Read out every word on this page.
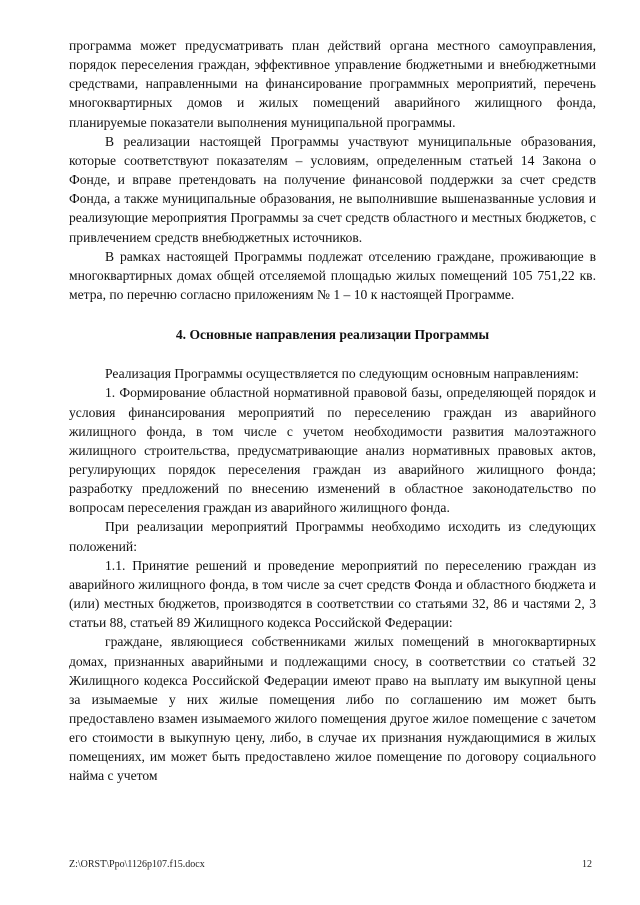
программа может предусматривать план действий органа местного самоуправления, порядок переселения граждан, эффективное управление бюджетными и внебюджетными средствами, направленными на финансирование программных мероприятий, перечень многоквартирных домов и жилых помещений аварийного жилищного фонда, планируемые показатели выполнения муниципальной программы.

В реализации настоящей Программы участвуют муниципальные образования, которые соответствуют показателям – условиям, определенным статьей 14 Закона о Фонде, и вправе претендовать на получение финансовой поддержки за счет средств Фонда, а также муниципальные образования, не выполнившие вышеназванные условия и реализующие мероприятия Программы за счет средств областного и местных бюджетов, с привлечением средств внебюджетных источников.

В рамках настоящей Программы подлежат отселению граждане, проживающие в многоквартирных домах общей отселяемой площадью жилых помещений 105 751,22 кв. метра, по перечню согласно приложениям № 1 – 10 к настоящей Программе.

4. Основные направления реализации Программы

Реализация Программы осуществляется по следующим основным направлениям:

1. Формирование областной нормативной правовой базы, определяющей порядок и условия финансирования мероприятий по переселению граждан из аварийного жилищного фонда, в том числе с учетом необходимости развития малоэтажного жилищного строительства, предусматривающие анализ нормативных правовых актов, регулирующих порядок переселения граждан из аварийного жилищного фонда; разработку предложений по внесению изменений в областное законодательство по вопросам переселения граждан из аварийного жилищного фонда.

При реализации мероприятий Программы необходимо исходить из следующих положений:

1.1. Принятие решений и проведение мероприятий по переселению граждан из аварийного жилищного фонда, в том числе за счет средств Фонда и областного бюджета и (или) местных бюджетов, производятся в соответствии со статьями 32, 86 и частями 2, 3 статьи 88, статьей 89 Жилищного кодекса Российской Федерации:

граждане, являющиеся собственниками жилых помещений в многоквартирных домах, признанных аварийными и подлежащими сносу, в соответствии со статьей 32 Жилищного кодекса Российской Федерации имеют право на выплату им выкупной цены за изымаемые у них жилые помещения либо по соглашению им может быть предоставлено взамен изымаемого жилого помещения другое жилое помещение с зачетом его стоимости в выкупную цену, либо, в случае их признания нуждающимися в жилых помещениях, им может быть предоставлено жилое помещение по договору социального найма с учетом

Z:\ORST\Ppo\1126p107.f15.docx	12
